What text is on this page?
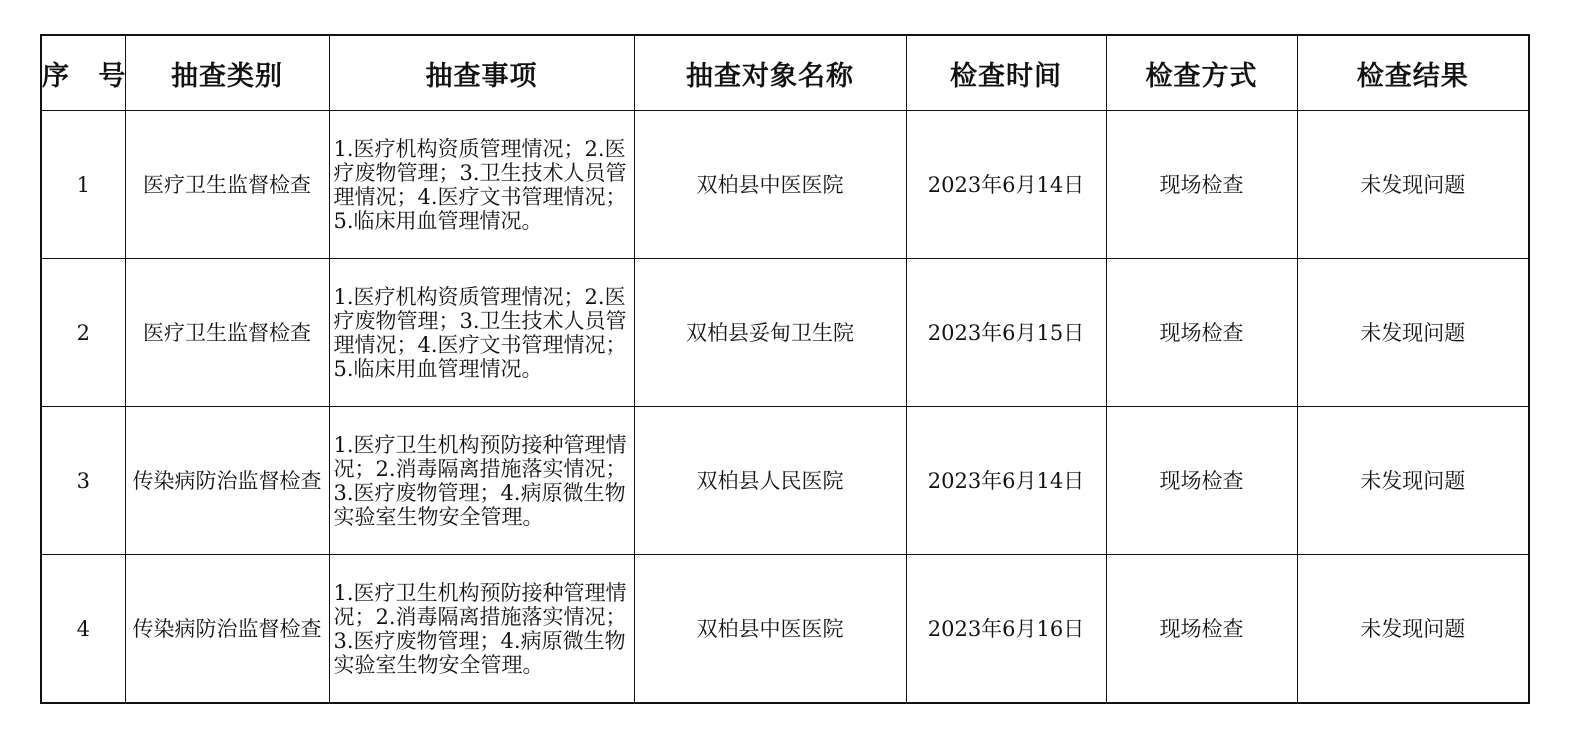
序 号	抽查类别	抽查事项	抽查对象名称	检查时间	检查方式	检查结果
1	医疗卫生监督检查	1.医疗机构资质管理情况；2.医疗废物管理；3.卫生技术人员管理情况；4.医疗文书管理情况；5.临床用血管理情况。	双柏县中医医院	2023年6月14日	现场检查	未发现问题
2	医疗卫生监督检查	1.医疗机构资质管理情况；2.医疗废物管理；3.卫生技术人员管理情况；4.医疗文书管理情况；5.临床用血管理情况。	双柏县妥甸卫生院	2023年6月15日	现场检查	未发现问题
3	传染病防治监督检查	1.医疗卫生机构预防接种管理情况；2.消毒隔离措施落实情况；3.医疗废物管理；4.病原微生物实验室生物安全管理。	双柏县人民医院	2023年6月14日	现场检查	未发现问题
4	传染病防治监督检查	1.医疗卫生机构预防接种管理情况；2.消毒隔离措施落实情况；3.医疗废物管理；4.病原微生物实验室生物安全管理。	双柏县中医医院	2023年6月16日	现场检查	未发现问题
